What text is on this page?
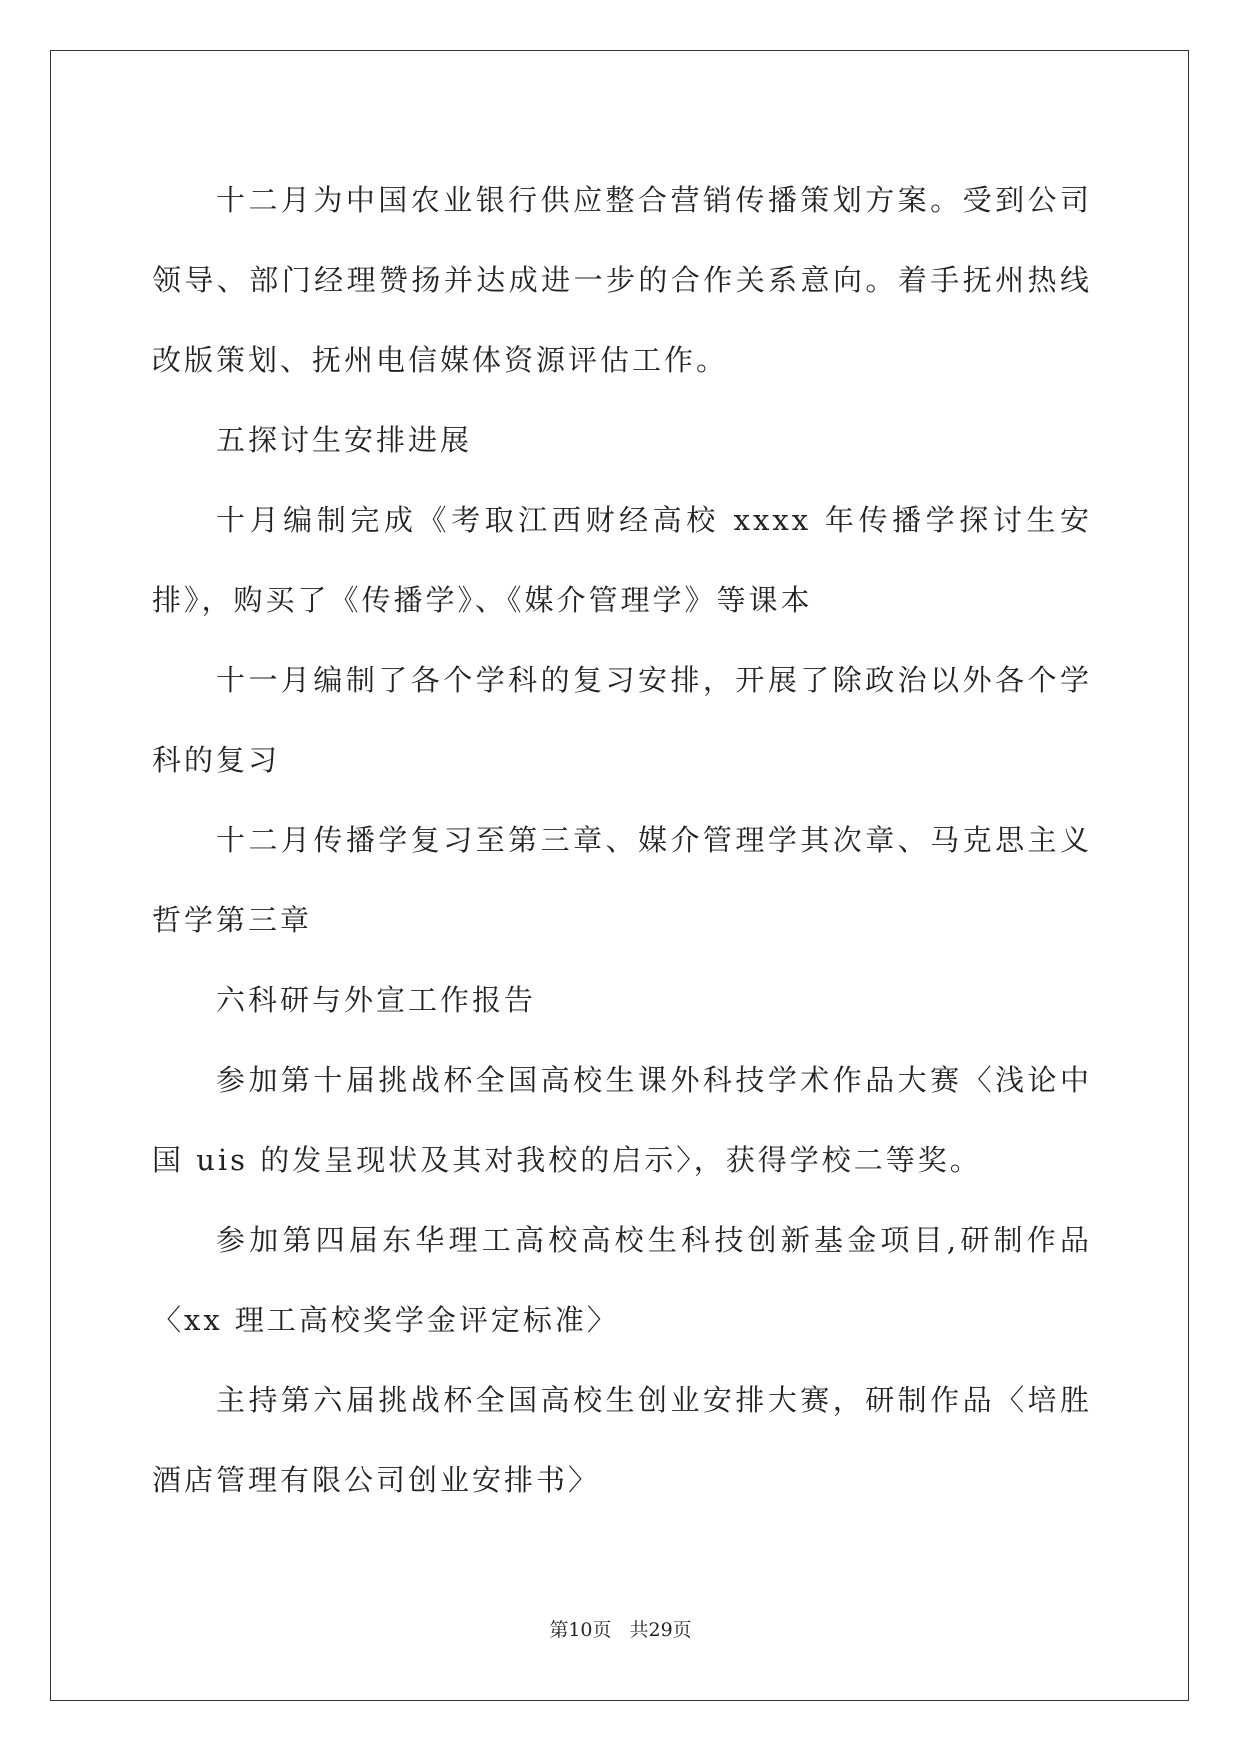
十二月为中国农业银行供应整合营销传播策划方案。受到公司领导、部门经理赞扬并达成进一步的合作关系意向。着手抚州热线改版策划、抚州电信媒体资源评估工作。

五探讨生安排进展

十月编制完成《考取江西财经高校 xxxx 年传播学探讨生安排》，购买了《传播学》、《媒介管理学》等课本

十一月编制了各个学科的复习安排，开展了除政治以外各个学科的复习

十二月传播学复习至第三章、媒介管理学其次章、马克思主义哲学第三章

六科研与外宣工作报告

参加第十届挑战杯全国高校生课外科技学术作品大赛〈浅论中国 uis 的发呈现状及其对我校的启示〉，获得学校二等奖。

参加第四届东华理工高校高校生科技创新基金项目,研制作品〈xx 理工高校奖学金评定标准〉

主持第六届挑战杯全国高校生创业安排大赛，研制作品〈培胜酒店管理有限公司创业安排书〉

第10页 共29页
